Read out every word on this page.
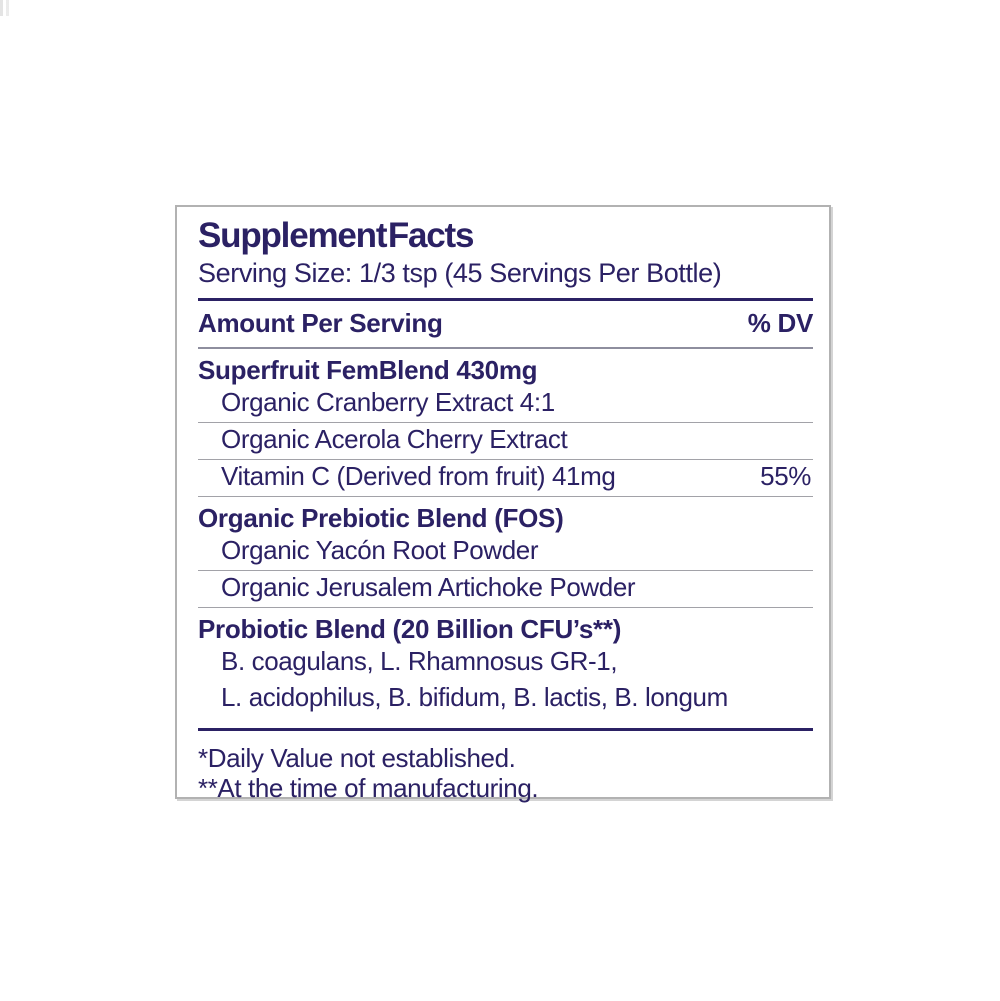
Supplement Facts
Serving Size: 1/3 tsp (45 Servings Per Bottle)
Amount Per Serving	% DV
Superfruit FemBlend 430mg
Organic Cranberry Extract 4:1
Organic Acerola Cherry Extract
Vitamin C (Derived from fruit) 41mg	55%
Organic Prebiotic Blend (FOS)
Organic Yacón Root Powder
Organic Jerusalem Artichoke Powder
Probiotic Blend (20 Billion CFU’s**)
B. coagulans, L. Rhamnosus GR-1,
L. acidophilus, B. bifidum, B. lactis, B. longum
*Daily Value not established.
**At the time of manufacturing.
